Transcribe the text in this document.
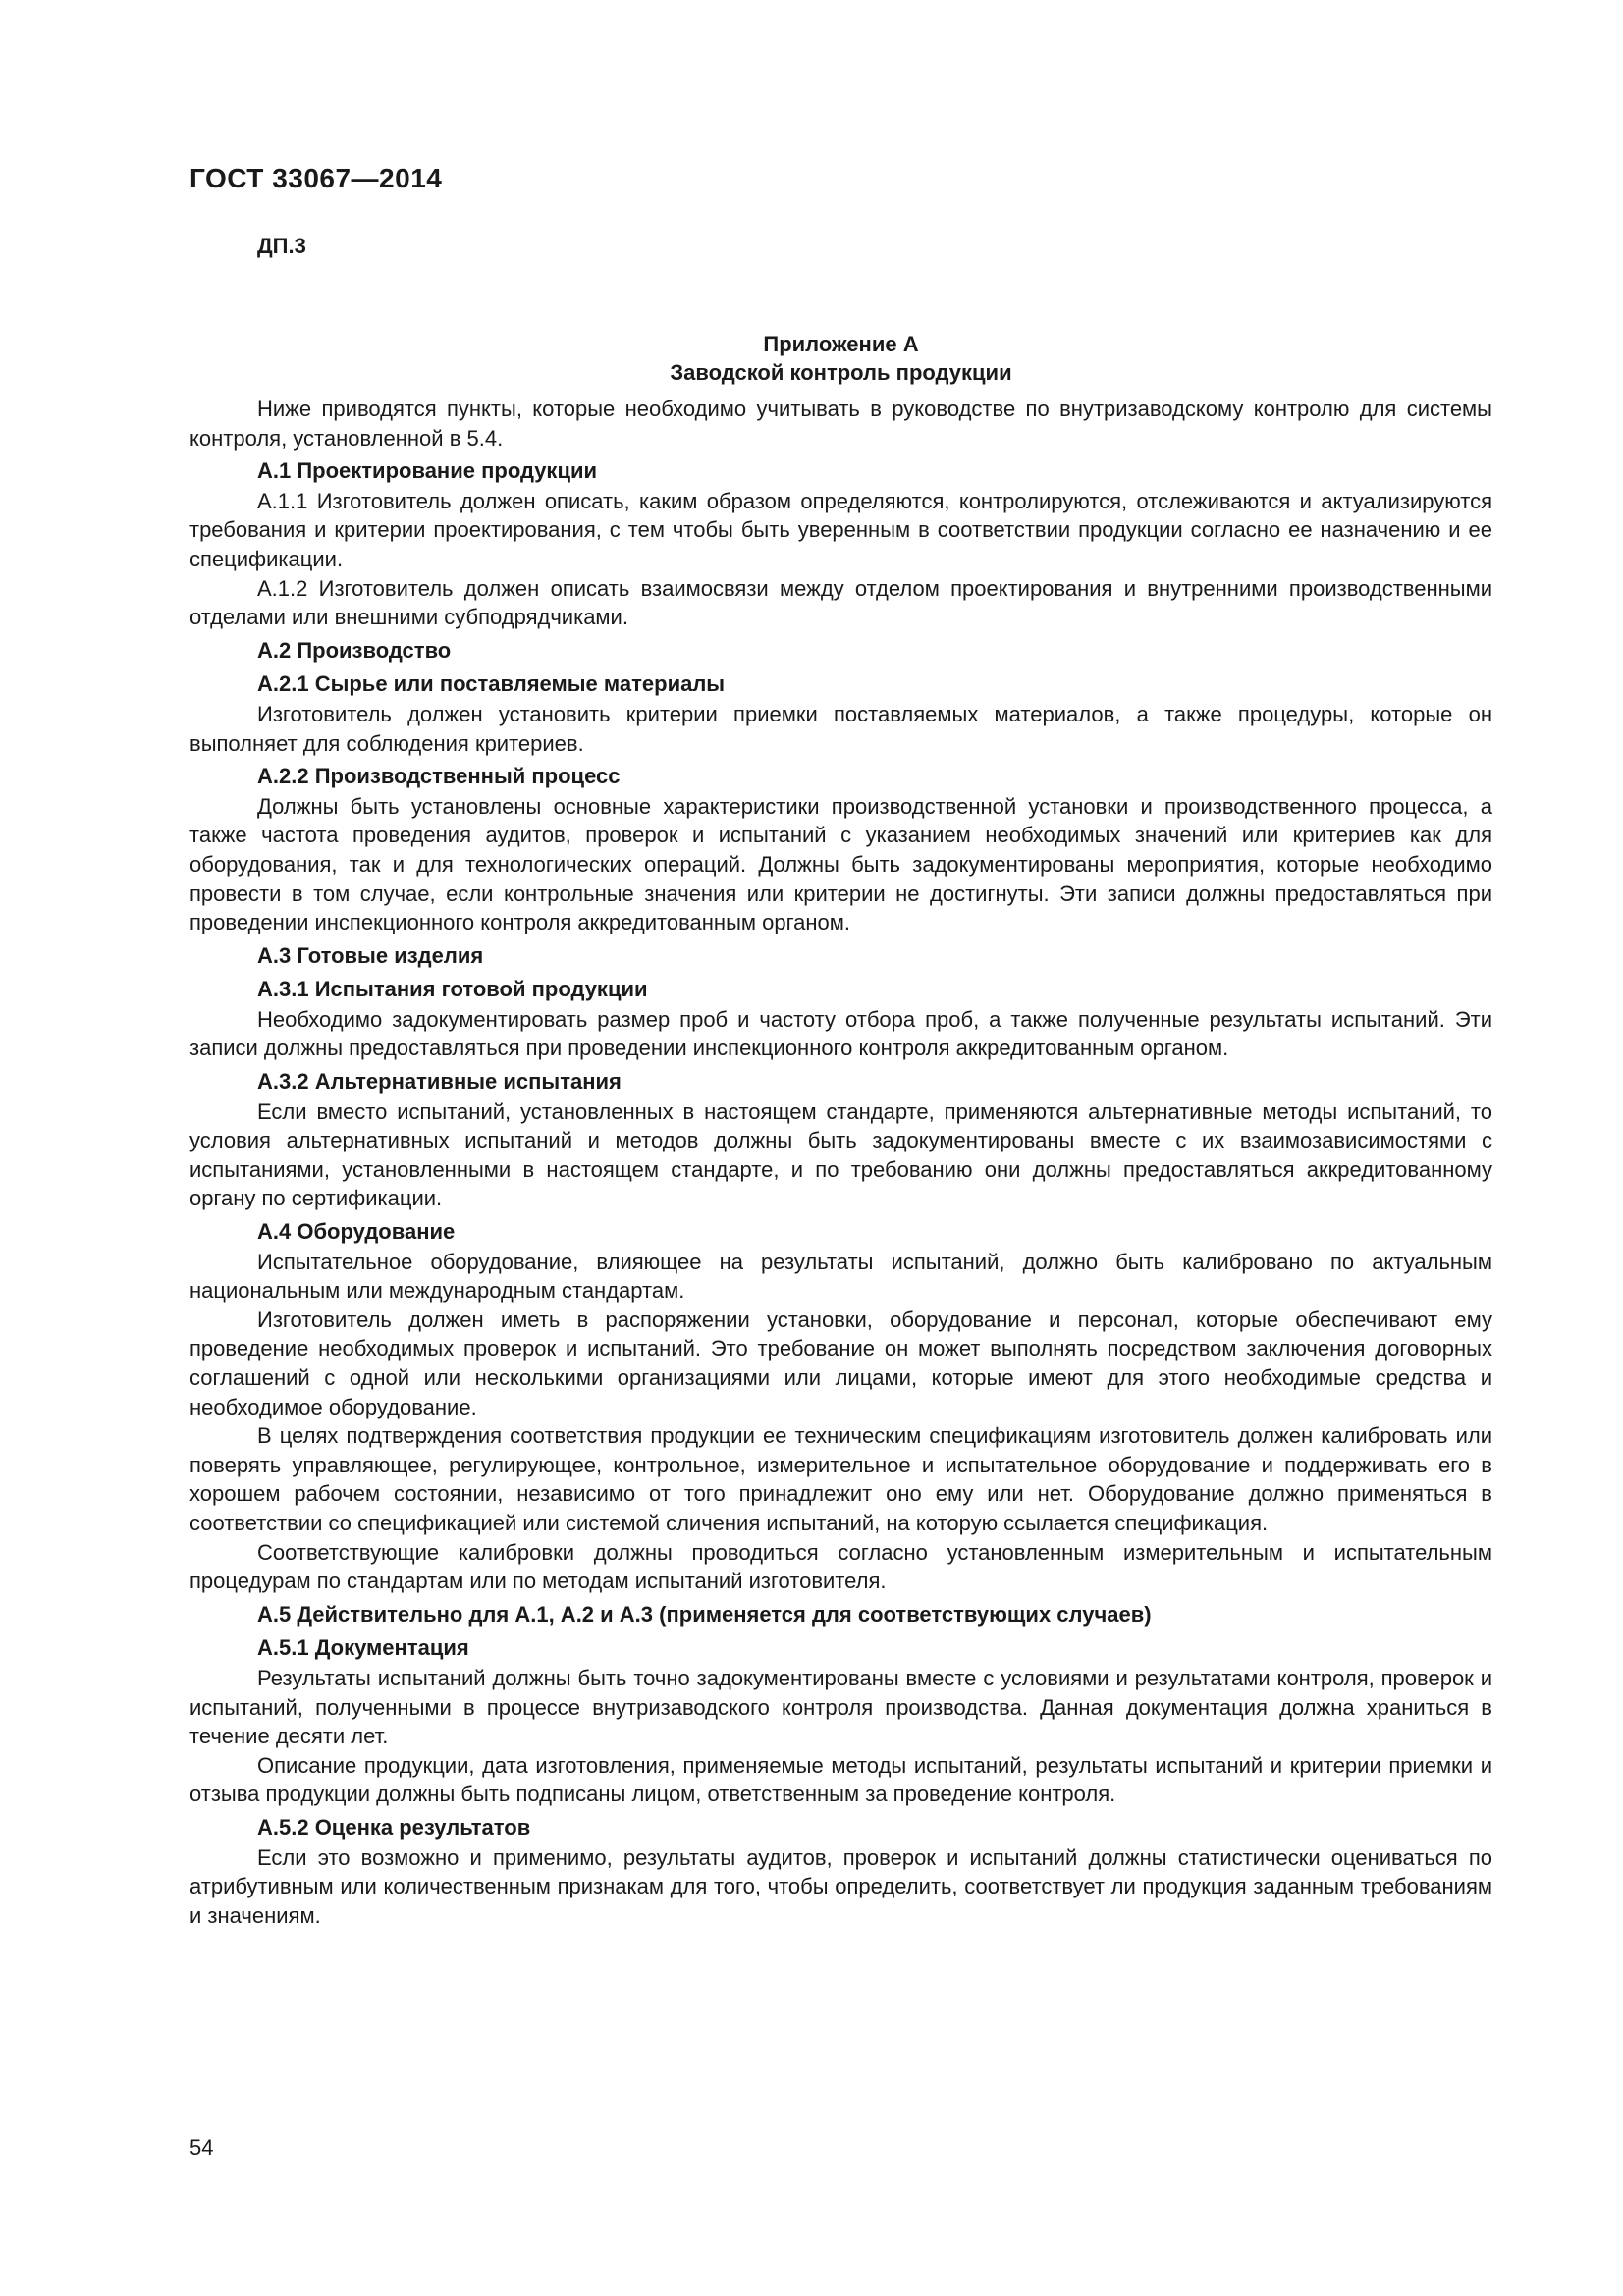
ГОСТ 33067—2014
ДП.3
Приложение А
Заводской контроль продукции

Ниже приводятся пункты, которые необходимо учитывать в руководстве по внутризаводскому контролю для системы контроля, установленной в 5.4.

А.1 Проектирование продукции

А.1.1 Изготовитель должен описать, каким образом определяются, контролируются, отслеживаются и актуализируются требования и критерии проектирования, с тем чтобы быть уверенным в соответствии продукции согласно ее назначению и ее спецификации.

А.1.2 Изготовитель должен описать взаимосвязи между отделом проектирования и внутренними производственными отделами или внешними субподрядчиками.

А.2 Производство
А.2.1 Сырье или поставляемые материалы

Изготовитель должен установить критерии приемки поставляемых материалов, а также процедуры, которые он выполняет для соблюдения критериев.

А.2.2 Производственный процесс

Должны быть установлены основные характеристики производственной установки и производственного процесса, а также частота проведения аудитов, проверок и испытаний с указанием необходимых значений или критериев как для оборудования, так и для технологических операций. Должны быть задокументированы мероприятия, которые необходимо провести в том случае, если контрольные значения или критерии не достигнуты. Эти записи должны предоставляться при проведении инспекционного контроля аккредитованным органом.

А.3 Готовые изделия
А.3.1 Испытания готовой продукции

Необходимо задокументировать размер проб и частоту отбора проб, а также полученные результаты испытаний. Эти записи должны предоставляться при проведении инспекционного контроля аккредитованным органом.

А.3.2 Альтернативные испытания

Если вместо испытаний, установленных в настоящем стандарте, применяются альтернативные методы испытаний, то условия альтернативных испытаний и методов должны быть задокументированы вместе с их взаимозависимостями с испытаниями, установленными в настоящем стандарте, и по требованию они должны предоставляться аккредитованному органу по сертификации.

А.4 Оборудование

Испытательное оборудование, влияющее на результаты испытаний, должно быть калибровано по актуальным национальным или международным стандартам.

Изготовитель должен иметь в распоряжении установки, оборудование и персонал, которые обеспечивают ему проведение необходимых проверок и испытаний. Это требование он может выполнять посредством заключения договорных соглашений с одной или несколькими организациями или лицами, которые имеют для этого необходимые средства и необходимое оборудование.

В целях подтверждения соответствия продукции ее техническим спецификациям изготовитель должен калибровать или поверять управляющее, регулирующее, контрольное, измерительное и испытательное оборудование и поддерживать его в хорошем рабочем состоянии, независимо от того принадлежит оно ему или нет. Оборудование должно применяться в соответствии со спецификацией или системой сличения испытаний, на которую ссылается спецификация.

Соответствующие калибровки должны проводиться согласно установленным измерительным и испытательным процедурам по стандартам или по методам испытаний изготовителя.

А.5 Действительно для А.1, А.2 и А.3 (применяется для соответствующих случаев)
А.5.1 Документация

Результаты испытаний должны быть точно задокументированы вместе с условиями и результатами контроля, проверок и испытаний, полученными в процессе внутризаводского контроля производства. Данная документация должна храниться в течение десяти лет.

Описание продукции, дата изготовления, применяемые методы испытаний, результаты испытаний и критерии приемки и отзыва продукции должны быть подписаны лицом, ответственным за проведение контроля.

А.5.2 Оценка результатов

Если это возможно и применимо, результаты аудитов, проверок и испытаний должны статистически оцениваться по атрибутивным или количественным признакам для того, чтобы определить, соответствует ли продукция заданным требованиям и значениям.

54
